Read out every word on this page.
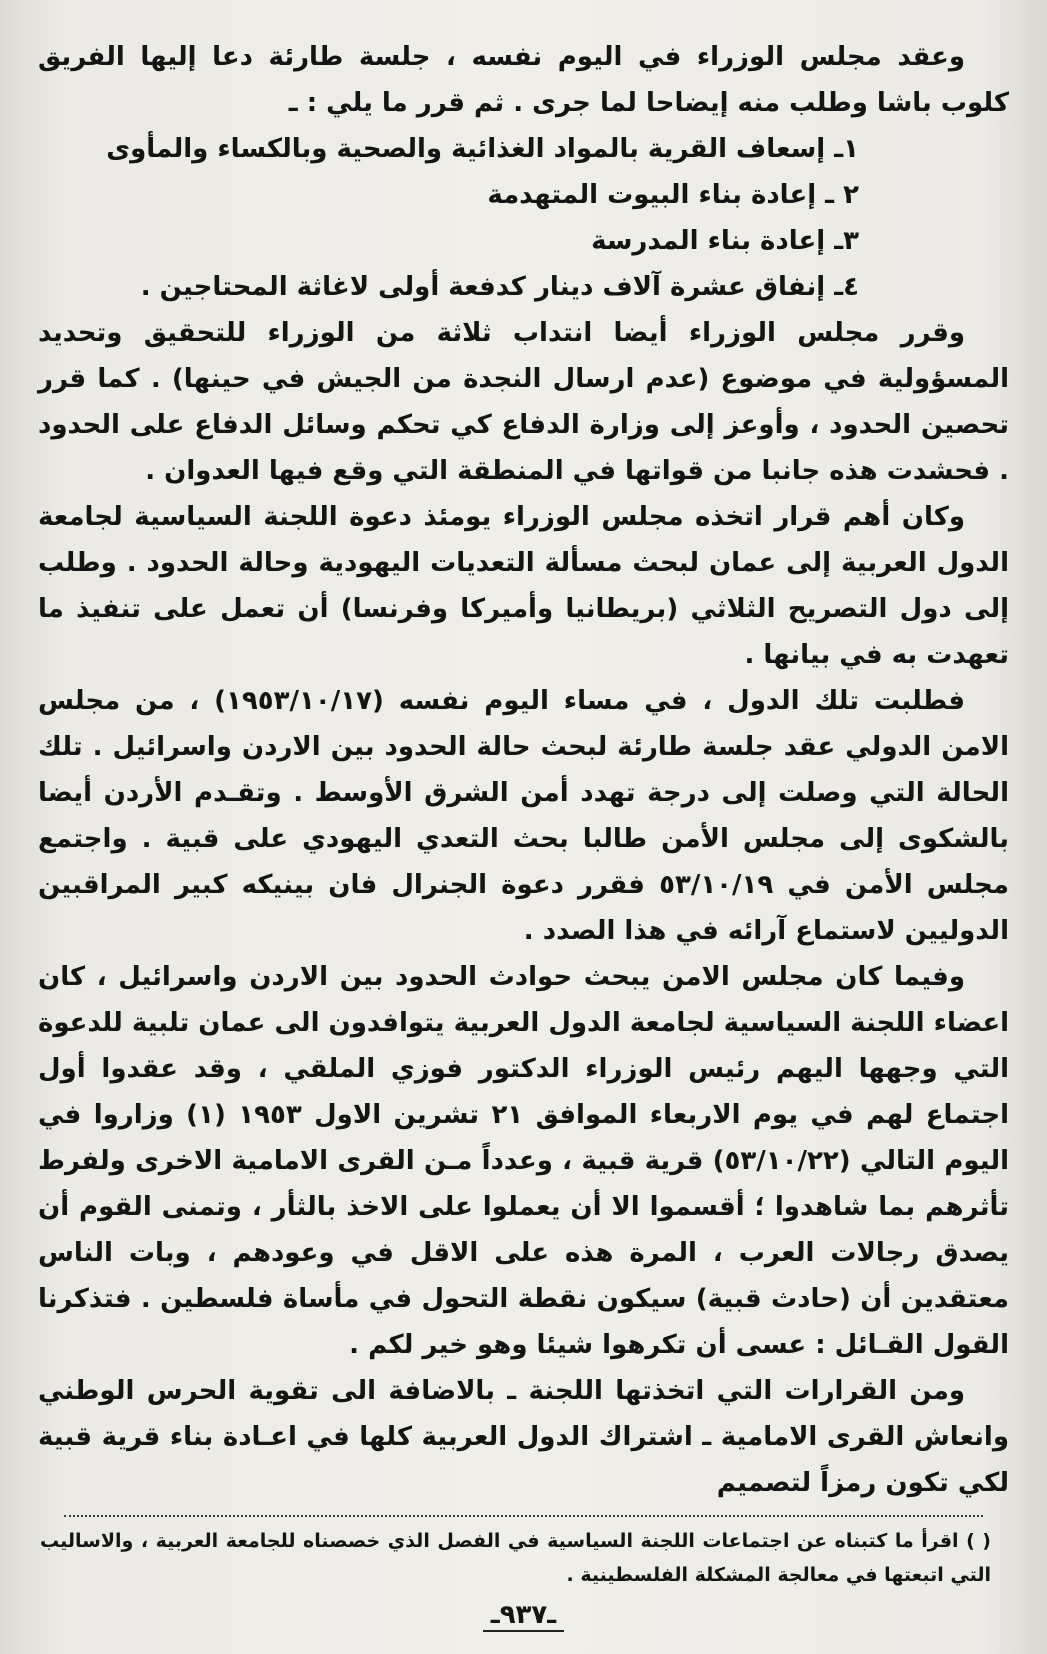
وعقد مجلس الوزراء في اليوم نفسه ، جلسة طارئة دعا إليها الفريق كلوب باشا وطلب منه إيضاحا لما جرى . ثم قرر ما يلي : ـ

١ـ إسعاف القرية بالمواد الغذائية والصحية وبالكساء والمأوى

٢ ـ إعادة بناء البيوت المتهدمة

٣ـ إعادة بناء المدرسة

٤ـ إنفاق عشرة آلاف دينار كدفعة أولى لاغاثة المحتاجين .

وقرر مجلس الوزراء أيضا انتداب ثلاثة من الوزراء للتحقيق وتحديد المسؤولية في موضوع (عدم ارسال النجدة من الجيش في حينها) . كما قرر تحصين الحدود ، وأوعز إلى وزارة الدفاع كي تحكم وسائل الدفاع على الحدود . فحشدت هذه جانبا من قواتها في المنطقة التي وقع فيها العدوان .

وكان أهم قرار اتخذه مجلس الوزراء يومئذ دعوة اللجنة السياسية لجامعة الدول العربية إلى عمان لبحث مسألة التعديات اليهودية وحالة الحدود . وطلب إلى دول التصريح الثلاثي (بريطانيا وأميركا وفرنسا) أن تعمل على تنفيذ ما تعهدت به في بيانها .

فطلبت تلك الدول ، في مساء اليوم نفسه (١٩٥٣/١٠/١٧) ، من مجلس الامن الدولي عقد جلسة طارئة لبحث حالة الحدود بين الاردن واسرائيل . تلك الحالة التي وصلت إلى درجة تهدد أمن الشرق الأوسط . وتقـدم الأردن أيضا بالشكوى إلى مجلس الأمن طالبا بحث التعدي اليهودي على قبية . واجتمع مجلس الأمن في ٥٣/١٠/١٩ فقرر دعوة الجنرال فان بينيكه كبير المراقبين الدوليين لاستماع آرائه في هذا الصدد .

وفيما كان مجلس الامن يبحث حوادث الحدود بين الاردن واسرائيل ، كان اعضاء اللجنة السياسية لجامعة الدول العربية يتوافدون الى عمان تلبية للدعوة التي وجهها اليهم رئيس الوزراء الدكتور فوزي الملقي ، وقد عقدوا أول اجتماع لهم في يوم الاربعاء الموافق ٢١ تشرين الاول ١٩٥٣ (١) وزاروا في اليوم التالي (٥٣/١٠/٢٢) قرية قبية ، وعدداً مـن القرى الامامية الاخرى ولفرط تأثرهم بما شاهدوا ؛ أقسموا الا أن يعملوا على الاخذ بالثأر ، وتمنى القوم أن يصدق رجالات العرب ، المرة هذه على الاقل في وعودهم ، وبات الناس معتقدين أن (حادث قبية) سيكون نقطة التحول في مأساة فلسطين . فتذكرنا القول القـائل : عسى أن تكرهوا شيئا وهو خير لكم .

ومن القرارات التي اتخذتها اللجنة ـ بالاضافة الى تقوية الحرس الوطني وانعاش القرى الامامية ـ اشتراك الدول العربية كلها في اعـادة بناء قرية قبية لكي تكون رمزاً لتصميم

( ) اقرأ ما كتبناه عن اجتماعات اللجنة السياسية في الفصل الذي خصصناه للجامعة العربية ، والاساليب التي اتبعتها في معالجة المشكلة الفلسطينية .

ـ٩٣٧ـ
